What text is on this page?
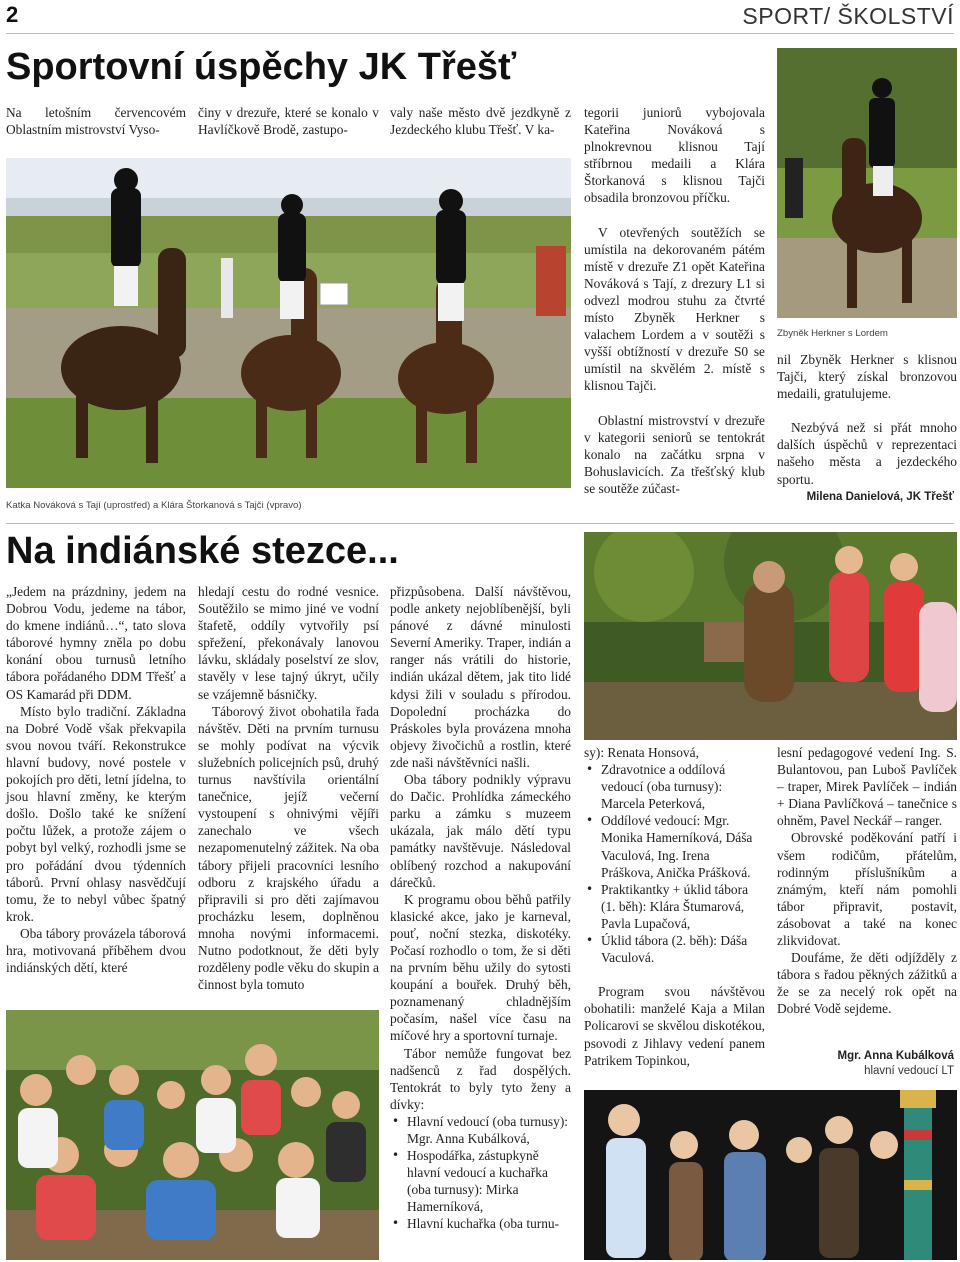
2	SPORT/ ŠKOLSTVÍ
Sportovní úspěchy JK Třešť

Na letošním červencovém Oblastním mistrovství Vyso-

činy v drezuře, které se konalo v Havlíčkově Brodě, zastupo-

valy naše město dvě jezdkyně z Jezdeckého klubu Třešť. V ka-

Katka Nováková s Tají (uprostřed) a Klára Štorkanová s Tajči (vpravo)

tegorii juniorů vybojovala Kateřina Nováková s plnokrevnou klisnou Tají stříbrnou medaili a Klára Štorkanová s klisnou Tajči obsadila bronzovou příčku.

V otevřených soutěžích se umístila na dekorovaném pátém místě v drezuře Z1 opět Kateřina Nováková s Tají, z drezury L1 si odvezl modrou stuhu za čtvrté místo Zbyněk Herkner s valachem Lordem a v soutěži s vyšší obtížností v drezuře S0 se umístil na skvělém 2. místě s klisnou Tajči.

Oblastní mistrovství v drezuře v kategorii seniorů se tentokrát konalo na začátku srpna v Bohuslavicích. Za třešťský klub se soutěže zúčast-

Zbyněk Herkner s Lordem

nil Zbyněk Herkner s klisnou Tajči, který získal bronzovou medaili, gratulujeme.

Nezbývá než si přát mnoho dalších úspěchů v reprezentaci našeho města a jezdeckého sportu.

Milena Danielová, JK Třešť
Na indiánské stezce...

„Jedem na prázdniny, jedem na Dobrou Vodu, jedeme na tábor, do kmene indiánů…“, tato slova táborové hymny zněla po dobu konání obou turnusů letního tábora pořádaného DDM Třešť a OS Kamarád při DDM.

Místo bylo tradiční. Základna na Dobré Vodě však překvapila svou novou tváří. Rekonstrukce hlavní budovy, nové postele v pokojích pro děti, letní jídelna, to jsou hlavní změny, ke kterým došlo. Došlo také ke snížení počtu lůžek, a protože zájem o pobyt byl velký, rozhodli jsme se pro pořádání dvou týdenních táborů. První ohlasy nasvědčují tomu, že to nebyl vůbec špatný krok.

Oba tábory provázela táborová hra, motivovaná příběhem dvou indiánských dětí, které

hledají cestu do rodné vesnice. Soutěžilo se mimo jiné ve vodní štafetě, oddíly vytvořily psí spřežení, překonávaly lanovou lávku, skládaly poselství ze slov, stavěly v lese tajný úkryt, učily se vzájemně básničky.

Táborový život obohatila řada návštěv. Děti na prvním turnusu se mohly podívat na výcvik služebních policejních psů, druhý turnus navštívila orientální tanečnice, jejíž večerní vystoupení s ohnivými vějíři zanechalo ve všech nezapomenutelný zážitek. Na oba tábory přijeli pracovníci lesního odboru z krajského úřadu a připravili si pro děti zajímavou procházku lesem, doplněnou mnoha novými informacemi. Nutno podotknout, že děti byly rozděleny podle věku do skupin a činnost byla tomuto

přizpůsobena. Další návštěvou, podle ankety nejoblíbenější, byli pánové z dávné minulosti Severní Ameriky. Traper, indián a ranger nás vrátili do historie, indián ukázal dětem, jak tito lidé kdysi žili v souladu s přírodou. Dopolední procházka do Práskoles byla provázena mnoha objevy živočichů a rostlin, které zde naši návštěvníci našli.

Oba tábory podnikly výpravu do Dačic. Prohlídka zámeckého parku a zámku s muzeem ukázala, jak málo dětí typu památky navštěvuje. Následoval oblíbený rozchod a nakupování dárečků.

K programu obou běhů patřily klasické akce, jako je karneval, pouť, noční stezka, diskotéky. Počasí rozhodlo o tom, že si děti na prvním běhu užily do sytosti koupání a bouřek. Druhý běh, poznamenaný chladnějším počasím, našel více času na míčové hry a sportovní turnaje.

Tábor nemůže fungovat bez nadšenců z řad dospělých. Tentokrát to byly tyto ženy a dívky:

• Hlavní vedoucí (oba turnusy): Mgr. Anna Kubálková,
• Hospodářka, zástupkyně hlavní vedoucí a kuchařka (oba turnusy): Mirka Hamerníková,
• Hlavní kuchařka (oba turnu-

sy): Renata Honsová,

• Zdravotnice a oddílová vedoucí (oba turnusy): Marcela Peterková,
• Oddílové vedoucí: Mgr. Monika Hamerníková, Dáša Vaculová, Ing. Irena Práškova, Anička Prášková.
• Praktikantky + úklid tábora (1. běh): Klára Štumarová, Pavla Lupačová,
• Úklid tábora (2. běh): Dáša Vaculová.

Program svou návštěvou obohatili: manželé Kaja a Milan Policarovi se skvělou diskotékou, psovodi z Jihlavy vedení panem Patrikem Topinkou,

lesní pedagogové vedení Ing. S. Bulantovou, pan Luboš Pavlíček – traper, Mirek Pavlíček – indián + Diana Pavlíčková – tanečnice s ohněm, Pavel Neckář – ranger.

Obrovské poděkování patří i všem rodičům, přátelům, rodinným příslušníkům a známým, kteří nám pomohli tábor připravit, postavit, zásobovat a také na konec zlikvidovat.

Doufáme, že děti odjížděly z tábora s řadou pěkných zážitků a že se za necelý rok opět na Dobré Vodě sejdeme.

Mgr. Anna Kubálková
hlavní vedoucí LT
